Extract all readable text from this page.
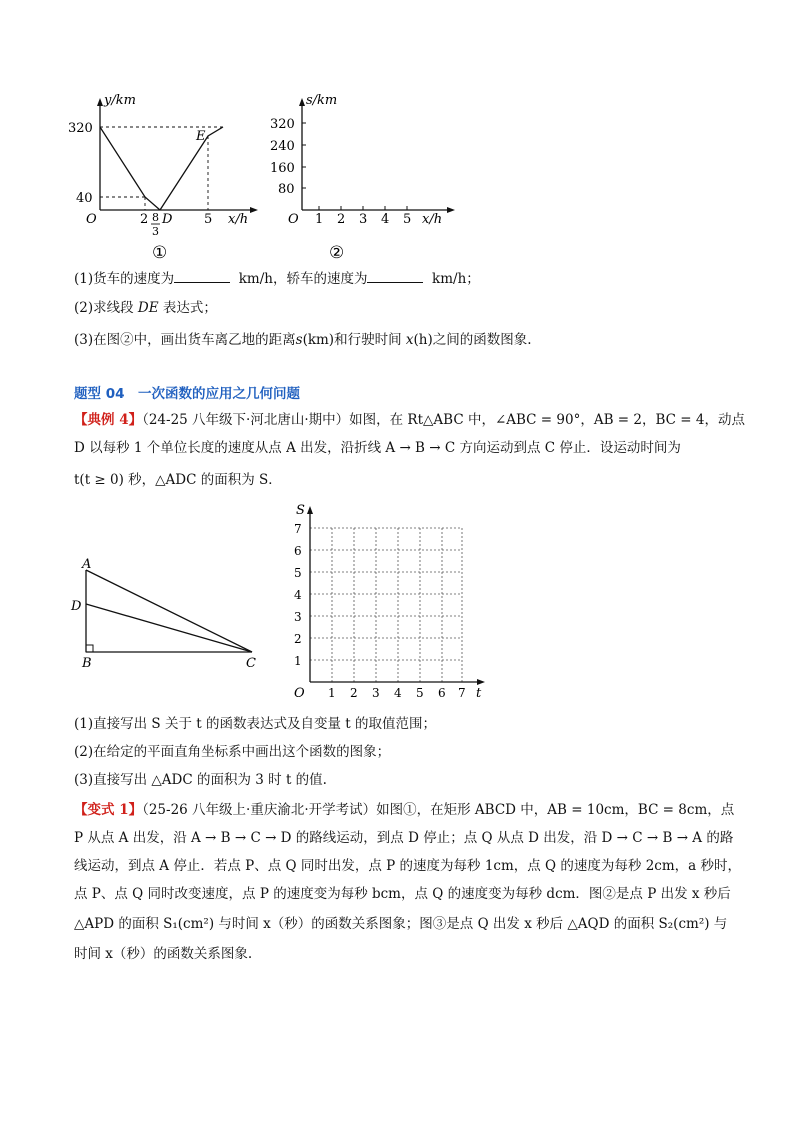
y/km
320
40
O	2 8
3
D 5
E
x/h
①
s/km
320
240
160
80
O 1 2 3 4 5 x/h
②
(1)货车的速度为	km/h，轿车的速度为	km/h；
(2)求线段 DE 表达式；
(3)在图②中，画出货车离乙地的距离s(km)和行驶时间 x(h)之间的函数图象.
题型 04　一次函数的应用之几何问题
【典例 4】（24-25 八年级下·河北唐山·期中）如图，在 Rt△ABC 中，∠ABC = 90°，AB = 2，BC = 4，动点
D 以每秒 1 个单位长度的速度从点 A 出发，沿折线 A → B → C 方向运动到点 C 停止．设运动时间为
t(t ≥ 0) 秒，△ADC 的面积为 S．
A
D
B	C
S
1
2
3
4
5
6
7
O 1 2 3 4 5 6 7 t
(1)直接写出 S 关于 t 的函数表达式及自变量 t 的取值范围；
(2)在给定的平面直角坐标系中画出这个函数的图象；
(3)直接写出 △ADC 的面积为 3 时 t 的值.
【变式 1】（25-26 八年级上·重庆渝北·开学考试）如图①，在矩形 ABCD 中，AB = 10cm，BC = 8cm，点
P 从点 A 出发，沿 A → B → C → D 的路线运动，到点 D 停止；点 Q 从点 D 出发，沿 D → C → B → A 的路
线运动，到点 A 停止．若点 P、点 Q 同时出发，点 P 的速度为每秒 1cm，点 Q 的速度为每秒 2cm，a 秒时，
点 P、点 Q 同时改变速度，点 P 的速度变为每秒 bcm，点 Q 的速度变为每秒 dcm．图②是点 P 出发 x 秒后
△APD 的面积 S₁(cm²) 与时间 x（秒）的函数关系图象；图③是点 Q 出发 x 秒后 △AQD 的面积 S₂(cm²) 与
时间 x（秒）的函数关系图象.
